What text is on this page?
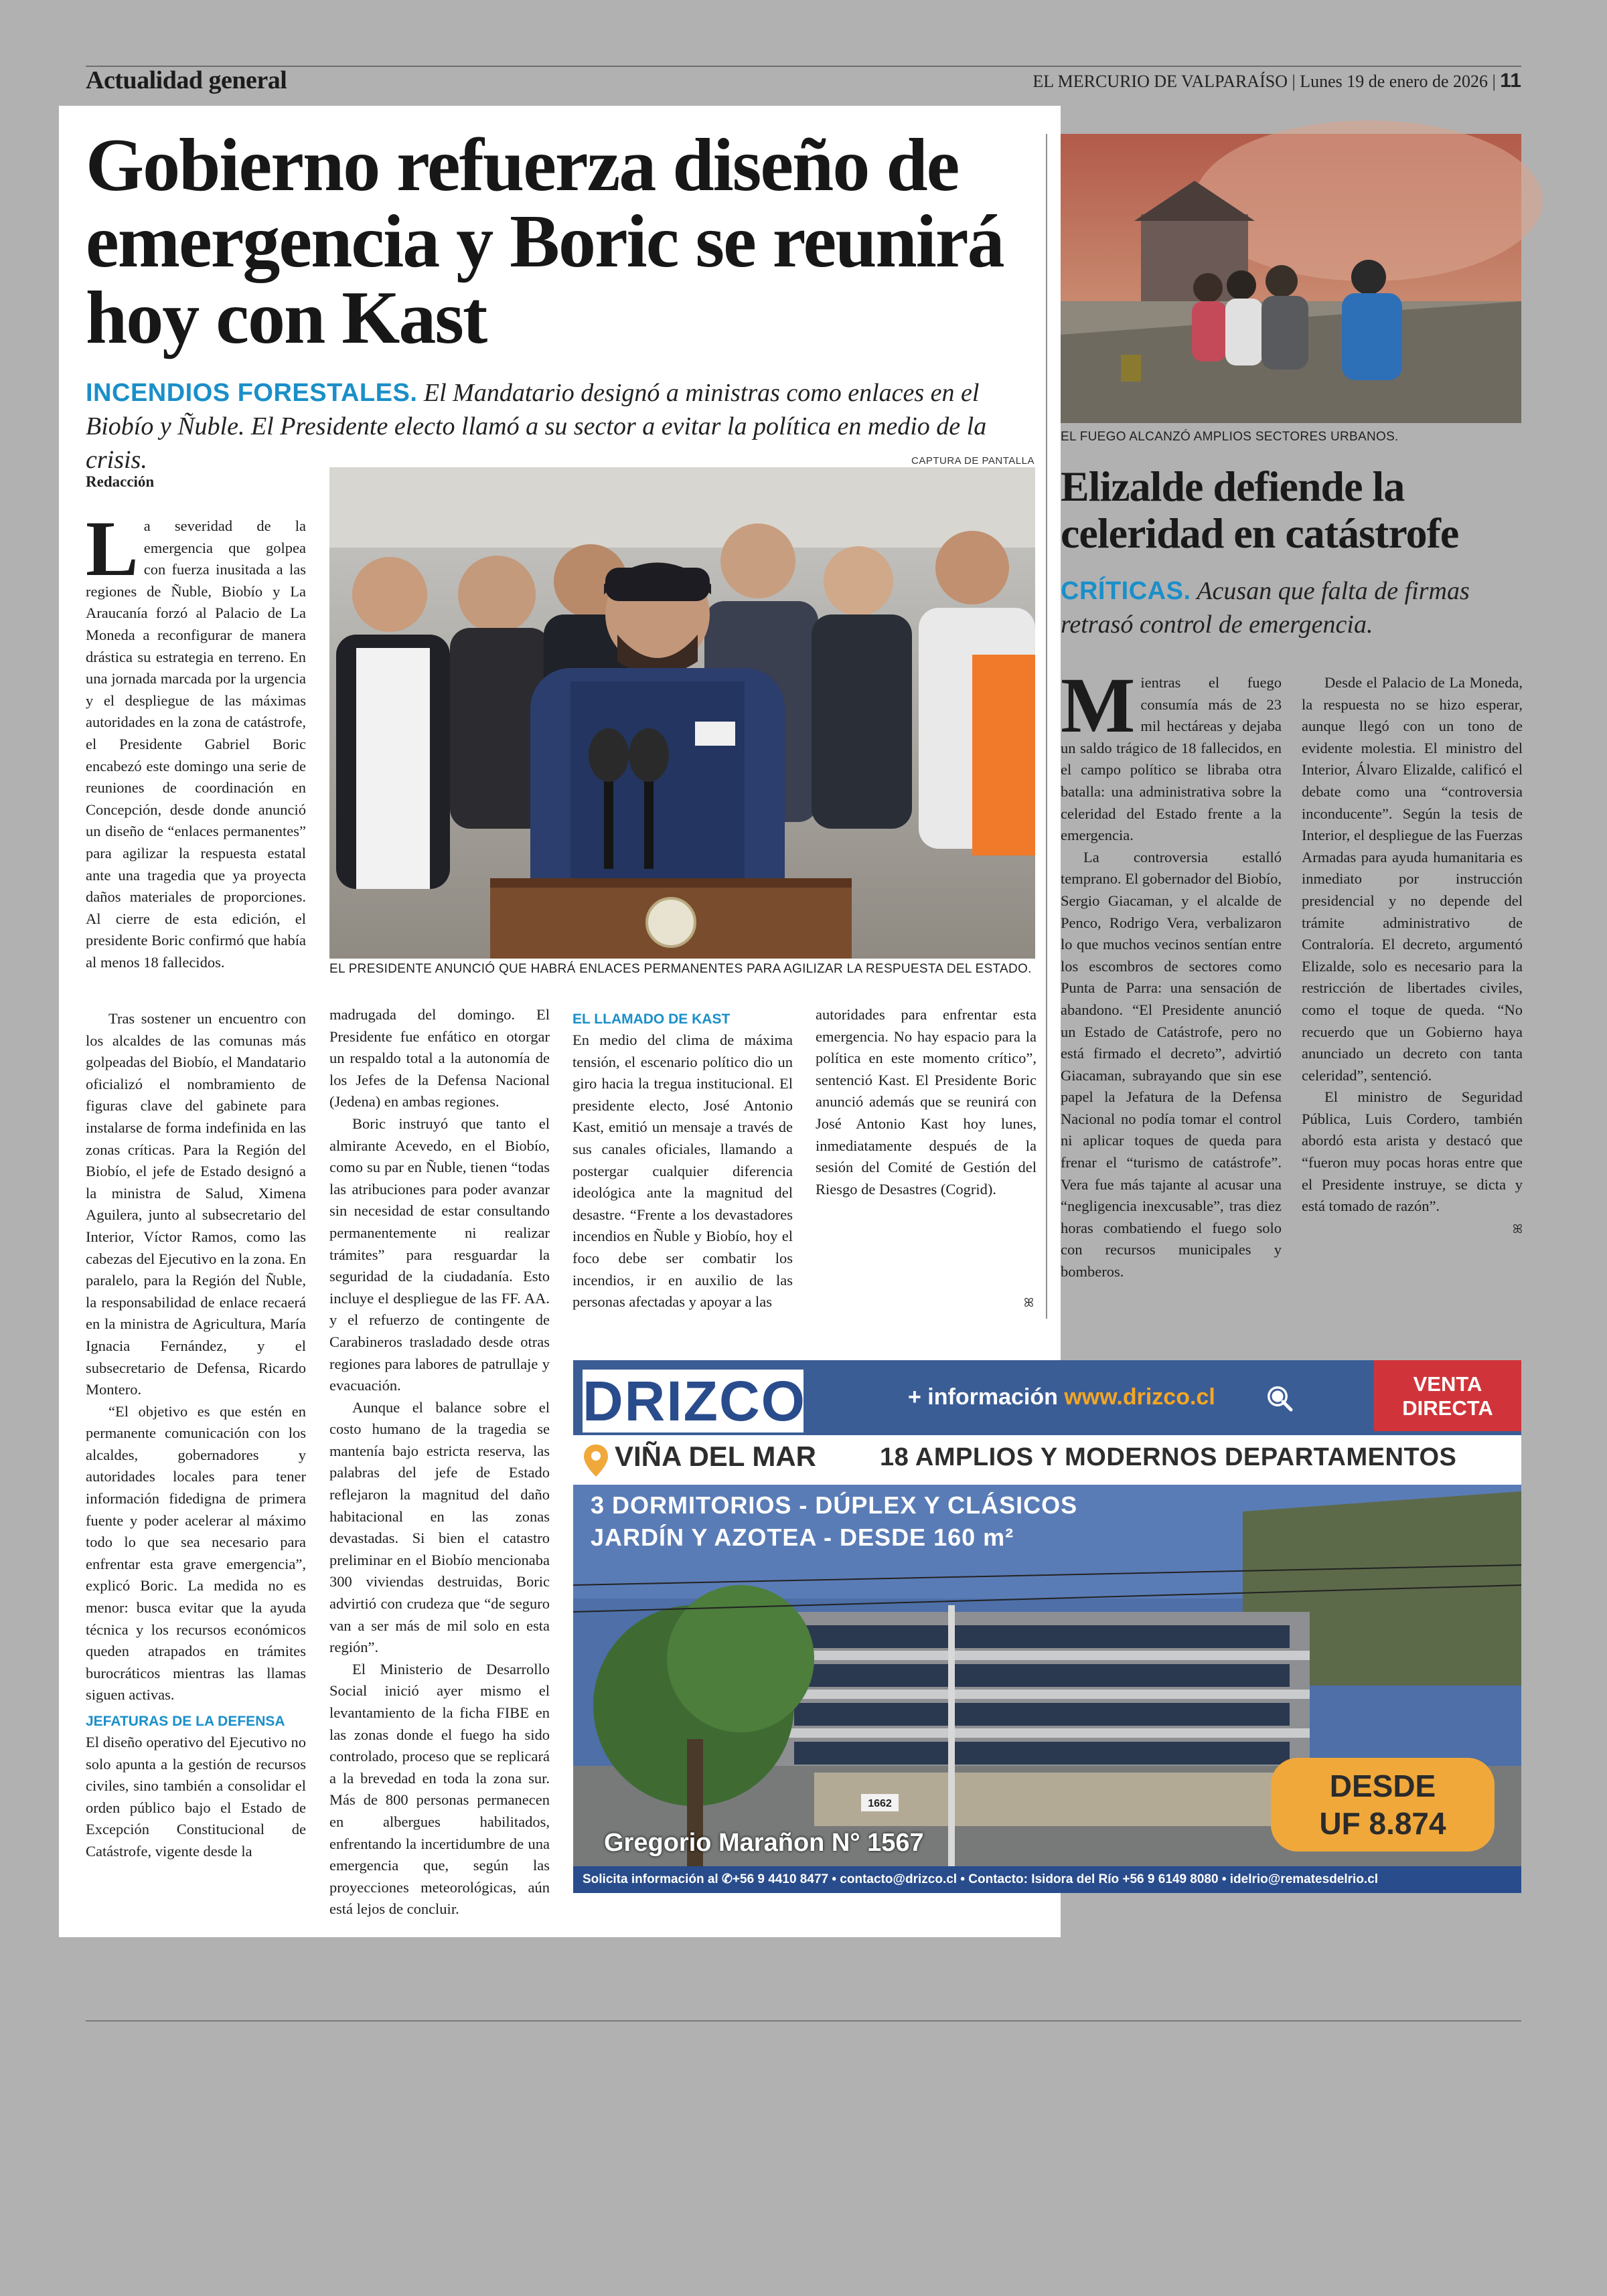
Actualidad general	EL MERCURIO DE VALPARAÍSO | Lunes 19 de enero de 2026 | 11
Gobierno refuerza diseño de emergencia y Boric se reunirá hoy con Kast
INCENDIOS FORESTALES. El Mandatario designó a ministras como enlaces en el Biobío y Ñuble. El Presidente electo llamó a su sector a evitar la política en medio de la crisis.
Redacción
CAPTURA DE PANTALLA
EL PRESIDENTE ANUNCIÓ QUE HABRÁ ENLACES PERMANENTES PARA AGILIZAR LA RESPUESTA DEL ESTADO.

La severidad de la emergencia que golpea con fuerza inusitada a las regiones de Ñuble, Biobío y La Araucanía forzó al Palacio de La Moneda a reconfigurar de manera drástica su estrategia en terreno. En una jornada marcada por la urgencia y el despliegue de las máximas autoridades en la zona de catástrofe, el Presidente Gabriel Boric encabezó este domingo una serie de reuniones de coordinación en Concepción, desde donde anunció un diseño de “enlaces permanentes” para agilizar la respuesta estatal ante una tragedia que ya proyecta daños materiales de proporciones. Al cierre de esta edición, el presidente Boric confirmó que había al menos 18 fallecidos.

Tras sostener un encuentro con los alcaldes de las comunas más golpeadas del Biobío, el Mandatario oficializó el nombramiento de figuras clave del gabinete para instalarse de forma indefinida en las zonas críticas. Para la Región del Biobío, el jefe de Estado designó a la ministra de Salud, Ximena Aguilera, junto al subsecretario del Interior, Víctor Ramos, como las cabezas del Ejecutivo en la zona. En paralelo, para la Región del Ñuble, la responsabilidad de enlace recaerá en la ministra de Agricultura, María Ignacia Fernández, y el subsecretario de Defensa, Ricardo Montero.

“El objetivo es que estén en permanente comunicación con los alcaldes, gobernadores y autoridades locales para tener información fidedigna de primera fuente y poder acelerar al máximo todo lo que sea necesario para enfrentar esta grave emergencia”, explicó Boric. La medida no es menor: busca evitar que la ayuda técnica y los recursos económicos queden atrapados en trámites burocráticos mientras las llamas siguen activas.

JEFATURAS DE LA DEFENSA

El diseño operativo del Ejecutivo no solo apunta a la gestión de recursos civiles, sino también a consolidar el orden público bajo el Estado de Excepción Constitucional de Catástrofe, vigente desde la

madrugada del domingo. El Presidente fue enfático en otorgar un respaldo total a la autonomía de los Jefes de la Defensa Nacional (Jedena) en ambas regiones.

Boric instruyó que tanto el almirante Acevedo, en el Biobío, como su par en Ñuble, tienen “todas las atribuciones para poder avanzar sin necesidad de estar consultando permanentemente ni realizar trámites” para resguardar la seguridad de la ciudadanía. Esto incluye el despliegue de las FF. AA. y el refuerzo de contingente de Carabineros trasladado desde otras regiones para labores de patrullaje y evacuación.

Aunque el balance sobre el costo humano de la tragedia se mantenía bajo estricta reserva, las palabras del jefe de Estado reflejaron la magnitud del daño habitacional en las zonas devastadas. Si bien el catastro preliminar en el Biobío mencionaba 300 viviendas destruidas, Boric advirtió con crudeza que “de seguro van a ser más de mil solo en esta región”.

El Ministerio de Desarrollo Social inició ayer mismo el levantamiento de la ficha FIBE en las zonas donde el fuego ha sido controlado, proceso que se replicará a la brevedad en toda la zona sur. Más de 800 personas permanecen en albergues habilitados, enfrentando la incertidumbre de una emergencia que, según las proyecciones meteorológicas, aún está lejos de concluir.

EL LLAMADO DE KAST

En medio del clima de máxima tensión, el escenario político dio un giro hacia la tregua institucional. El presidente electo, José Antonio Kast, emitió un mensaje a través de sus canales oficiales, llamando a postergar cualquier diferencia ideológica ante la magnitud del desastre. “Frente a los devastadores incendios en Ñuble y Biobío, hoy el foco debe ser combatir los incendios, ir en auxilio de las personas afectadas y apoyar a las

autoridades para enfrentar esta emergencia. No hay espacio para la política en este momento crítico”, sentenció Kast. El Presidente Boric anunció además que se reunirá con José Antonio Kast hoy lunes, inmediatamente después de la sesión del Comité de Gestión del Riesgo de Desastres (Cogrid).

ꕤ
EL FUEGO ALCANZÓ AMPLIOS SECTORES URBANOS.
Elizalde defiende la celeridad en catástrofe
CRÍTICAS. Acusan que falta de firmas retrasó control de emergencia.

Mientras el fuego consumía más de 23 mil hectáreas y dejaba un saldo trágico de 18 fallecidos, en el campo político se libraba otra batalla: una administrativa sobre la celeridad del Estado frente a la emergencia.

La controversia estalló temprano. El gobernador del Biobío, Sergio Giacaman, y el alcalde de Penco, Rodrigo Vera, verbalizaron lo que muchos vecinos sentían entre los escombros de sectores como Punta de Parra: una sensación de abandono. “El Presidente anunció un Estado de Catástrofe, pero no está firmado el decreto”, advirtió Giacaman, subrayando que sin ese papel la Jefatura de la Defensa Nacional no podía tomar el control ni aplicar toques de queda para frenar el “turismo de catástrofe”. Vera fue más tajante al acusar una “negligencia inexcusable”, tras diez horas combatiendo el fuego solo con recursos municipales y bomberos.

Desde el Palacio de La Moneda, la respuesta no se hizo esperar, aunque llegó con un tono de evidente molestia. El ministro del Interior, Álvaro Elizalde, calificó el debate como una “controversia inconducente”. Según la tesis de Interior, el despliegue de las Fuerzas Armadas para ayuda humanitaria es inmediato por instrucción presidencial y no depende del trámite administrativo de Contraloría. El decreto, argumentó Elizalde, solo es necesario para la restricción de libertades civiles, como el toque de queda. “No recuerdo que un Gobierno haya anunciado un decreto con tanta celeridad”, sentenció.

El ministro de Seguridad Pública, Luis Cordero, también abordó esta arista y destacó que “fueron muy pocas horas entre que el Presidente instruye, se dicta y está tomado de razón”.

ꕤ
DRIZCO	+ información www.drizco.cl
VENTA DIRECTA
VIÑA DEL MAR 18 AMPLIOS Y MODERNOS DEPARTAMENTOS
1662
3 DORMITORIOS - DÚPLEX Y CLÁSICOS
JARDÍN Y AZOTEA - DESDE 160 m²
DESDE
UF 8.874
Gregorio Marañon N° 1567
Solicita información al ✆+56 9 4410 8477 • contacto@drizco.cl • Contacto: Isidora del Río +56 9 6149 8080 • idelrio@rematesdelrio.cl
